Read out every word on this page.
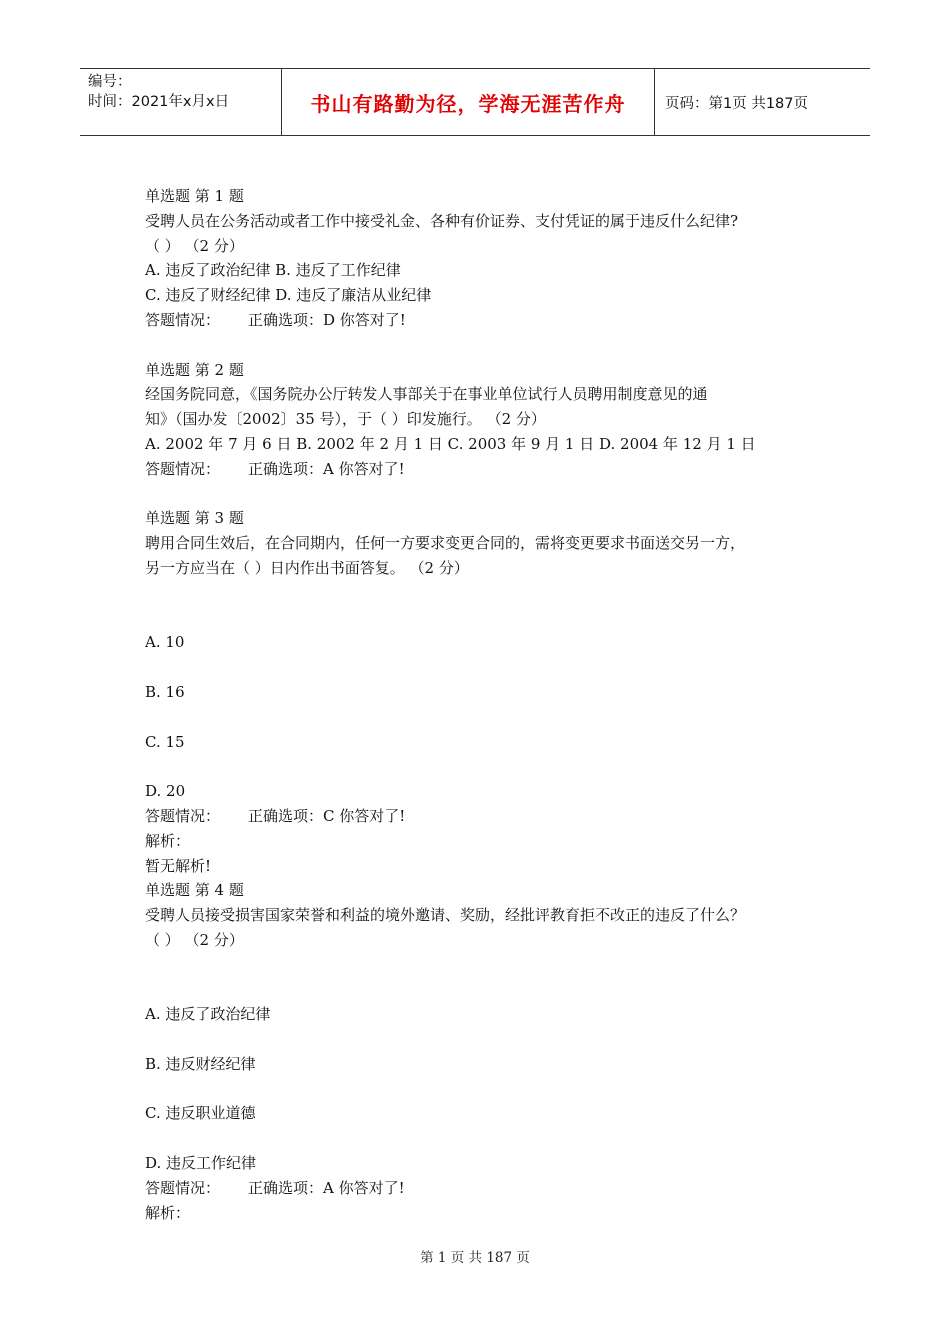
编号：
时间：2021年x月x日	书山有路勤为径，学海无涯苦作舟	页码：第1页 共187页
单选题 第 1 题
受聘人员在公务活动或者工作中接受礼金、各种有价证券、支付凭证的属于违反什么纪律?
（ ） （2 分）
A. 违反了政治纪律 B. 违反了工作纪律
C. 违反了财经纪律 D. 违反了廉洁从业纪律
答题情况： 正确选项：D 你答对了!
单选题 第 2 题
经国务院同意，《国务院办公厅转发人事部关于在事业单位试行人员聘用制度意见的通
知》（国办发〔2002〕35 号），于（ ）印发施行。 （2 分）
A. 2002 年 7 月 6 日 B. 2002 年 2 月 1 日 C. 2003 年 9 月 1 日 D. 2004 年 12 月 1 日
答题情况： 正确选项：A 你答对了!
单选题 第 3 题
聘用合同生效后，在合同期内，任何一方要求变更合同的，需将变更要求书面送交另一方，
另一方应当在（ ）日内作出书面答复。 （2 分）
A. 10
B. 16
C. 15
D. 20
答题情况： 正确选项：C 你答对了!
解析：
暂无解析!
单选题 第 4 题
受聘人员接受损害国家荣誉和利益的境外邀请、奖励，经批评教育拒不改正的违反了什么？
（ ） （2 分）
A. 违反了政治纪律
B. 违反财经纪律
C. 违反职业道德
D. 违反工作纪律
答题情况： 正确选项：A 你答对了!
解析：
第 1 页 共 187 页
